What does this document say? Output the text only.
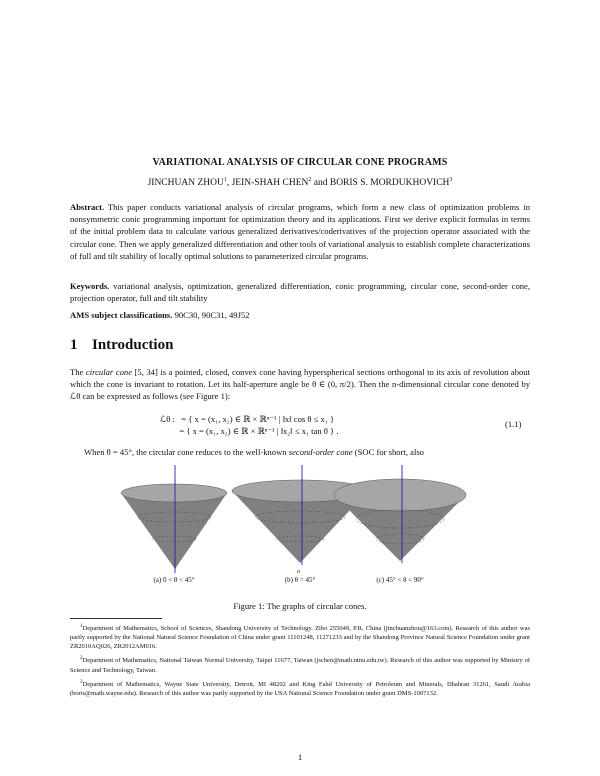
VARIATIONAL ANALYSIS OF CIRCULAR CONE PROGRAMS
JINCHUAN ZHOU$^1$, JEIN-SHAH CHEN$^2$ and BORIS S. MORDUKHOVICH$^3$
Abstract. This paper conducts variational analysis of circular programs, which form a new class of optimization problems in nonsymmetric conic programming important for optimization theory and its applications. First we derive explicit formulas in terms of the initial problem data to calculate various generalized derivatives/coderivatives of the projection operator associated with the circular cone. Then we apply generalized differentiation and other tools of variational analysis to establish complete characterizations of full and tilt stability of locally optimal solutions to parameterized circular programs.
Keywords. variational analysis, optimization, generalized differentiation, conic programming, circular cone, second-order cone, projection operator, full and tilt stability
AMS subject classifications. 90C30, 90C31, 49J52
1 Introduction
The circular cone [5, 34] is a pointed, closed, convex cone having hyperspherical sections orthogonal to its axis of revolution about which the cone is invariant to rotation. Let its half-aperture angle be θ ∈ (0, π/2). Then the n-dimensional circular cone denoted by ℒθ can be expressed as follows (see Figure 1):
ℒθ :   = { x = (x₁, x₂) ∈ ℝ × ℝⁿ⁻¹ | ‖x‖ cos θ ≤ x₁ }
= { x = (x₁, x₂) ∈ ℝ × ℝⁿ⁻¹ | ‖x₂‖ ≤ x₁ tan θ } .
(1.1)
When θ = 45°, the circular cone reduces to the well-known second-order cone (SOC for short, also
o
(a) 0 < θ < 45°	(b) θ = 45°	(c) 45° < θ < 90°
Figure 1: The graphs of circular cones.

$^1$Department of Mathematics, School of Sciences, Shandong University of Technology. Zibo 255049, P.R. China (jinchuanzhou@163.com). Research of this author was partly supported by the National Natural Science Foundation of China under grant 11101248, 11271233 and by the Shandong Province Natural Science Foundation under grant ZR2010AQ026, ZR2012AM016.

$^2$Department of Mathematics, National Taiwan Normal University, Taipei 11677, Taiwan (jschen@math.ntnu.edu.tw). Research of this author was supported by Ministry of Science and Technology, Taiwan.

$^3$Department of Mathematics, Wayne State University, Detroit, MI 48202 and King Fahd University of Petroleum and Minerals, Dhahran 31261, Saudi Arabia (boris@math.wayne.edu). Research of this author was partly supported by the USA National Science Foundation under grant DMS-1007132.

1
